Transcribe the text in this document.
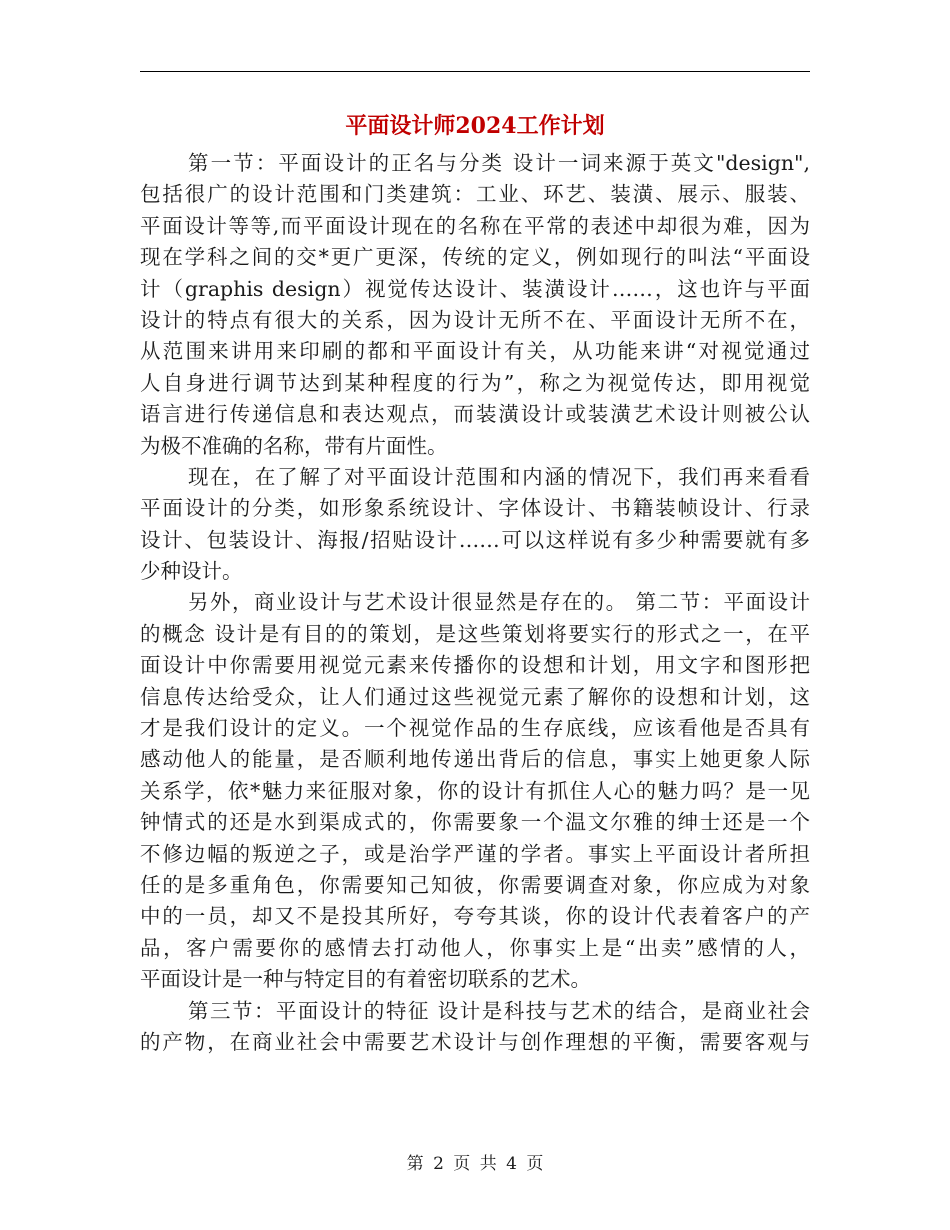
平面设计师2024工作计划
第一节：平面设计的正名与分类 设计一词来源于英文"design",
包括很广的设计范围和门类建筑：工业、环艺、装潢、展示、服装、
平面设计等等,而平面设计现在的名称在平常的表述中却很为难，因为
现在学科之间的交*更广更深，传统的定义，例如现行的叫法“平面设
计（graphis design）视觉传达设计、装潢设计……，这也许与平面
设计的特点有很大的关系，因为设计无所不在、平面设计无所不在，
从范围来讲用来印刷的都和平面设计有关，从功能来讲“对视觉通过
人自身进行调节达到某种程度的行为”，称之为视觉传达，即用视觉
语言进行传递信息和表达观点，而装潢设计或装潢艺术设计则被公认
为极不准确的名称，带有片面性。
现在，在了解了对平面设计范围和内涵的情况下，我们再来看看
平面设计的分类，如形象系统设计、字体设计、书籍装帧设计、行录
设计、包装设计、海报/招贴设计……可以这样说有多少种需要就有多
少种设计。
另外，商业设计与艺术设计很显然是存在的。 第二节：平面设计
的概念 设计是有目的的策划，是这些策划将要实行的形式之一，在平
面设计中你需要用视觉元素来传播你的设想和计划，用文字和图形把
信息传达给受众，让人们通过这些视觉元素了解你的设想和计划，这
才是我们设计的定义。一个视觉作品的生存底线，应该看他是否具有
感动他人的能量，是否顺利地传递出背后的信息，事实上她更象人际
关系学，依*魅力来征服对象，你的设计有抓住人心的魅力吗？是一见
钟情式的还是水到渠成式的，你需要象一个温文尔雅的绅士还是一个
不修边幅的叛逆之子，或是治学严谨的学者。事实上平面设计者所担
任的是多重角色，你需要知己知彼，你需要调查对象，你应成为对象
中的一员，却又不是投其所好，夸夸其谈，你的设计代表着客户的产
品，客户需要你的感情去打动他人，你事实上是“出卖”感情的人，
平面设计是一种与特定目的有着密切联系的艺术。
第三节：平面设计的特征 设计是科技与艺术的结合，是商业社会
的产物，在商业社会中需要艺术设计与创作理想的平衡，需要客观与
第 2 页 共 4 页
